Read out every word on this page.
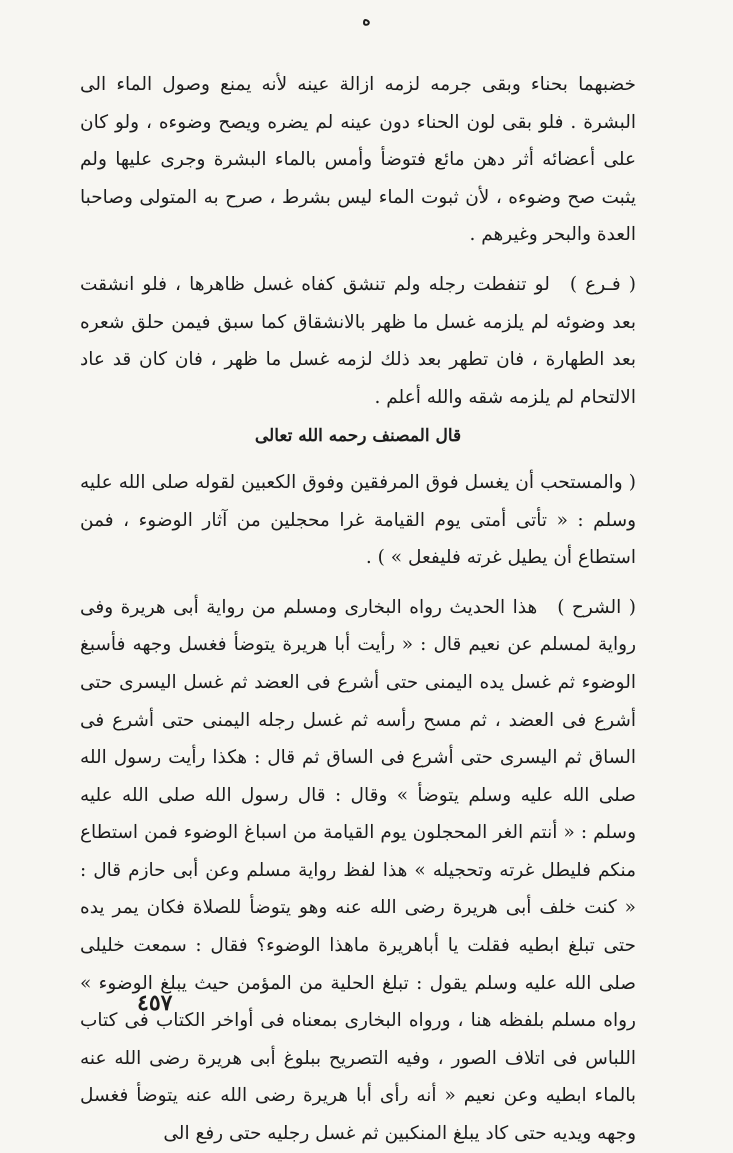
ه

خضبهما بحناء وبقى جرمه لزمه ازالة عينه لأنه يمنع وصول الماء الى البشرة . فلو بقى لون الحناء دون عينه لم يضره ويصح وضوءه ، ولو كان على أعضائه أثر دهن مائع فتوضأ وأمس بالماء البشرة وجرى عليها ولم يثبت صح وضوءه ، لأن ثبوت الماء ليس بشرط ، صرح به المتولى وصاحبا العدة والبحر وغيرهم .

( فـرع )لو تنفطت رجله ولم تنشق كفاه غسل ظاهرها ، فلو انشقت بعد وضوئه لم يلزمه غسل ما ظهر بالانشقاق كما سبق فيمن حلق شعره بعد الطهارة ، فان تطهر بعد ذلك لزمه غسل ما ظهر ، فان كان قد عاد الالتحام لم يلزمه شقه والله أعلم .

قال المصنف رحمه الله تعالى

( والمستحب أن يغسل فوق المرفقين وفوق الكعبين لقوله صلى الله عليه وسلم : « تأتى أمتى يوم القيامة غرا محجلين من آثار الوضوء ، فمن استطاع أن يطيل غرته فليفعل » ) .

( الشرح )هذا الحديث رواه البخارى ومسلم من رواية أبى هريرة وفى رواية لمسلم عن نعيم قال : « رأيت أبا هريرة يتوضأ فغسل وجهه فأسبغ الوضوء ثم غسل يده اليمنى حتى أشرع فى العضد ثم غسل اليسرى حتى أشرع فى العضد ، ثم مسح رأسه ثم غسل رجله اليمنى حتى أشرع فى الساق ثم اليسرى حتى أشرع فى الساق ثم قال : هكذا رأيت رسول الله صلى الله عليه وسلم يتوضأ » وقال : قال رسول الله صلى الله عليه وسلم : « أنتم الغر المحجلون يوم القيامة من اسباغ الوضوء فمن استطاع منكم فليطل غرته وتحجيله » هذا لفظ رواية مسلم وعن أبى حازم قال : « كنت خلف أبى هريرة رضى الله عنه وهو يتوضأ للصلاة فكان يمر يده حتى تبلغ ابطيه فقلت يا أباهريرة ماهذا الوضوء؟ فقال : سمعت خليلى صلى الله عليه وسلم يقول : تبلغ الحلية من المؤمن حيث يبلغ الوضوء » رواه مسلم بلفظه هنا ، ورواه البخارى بمعناه فى أواخر الكتاب فى كتاب اللباس فى اتلاف الصور ، وفيه التصريح ببلوغ أبى هريرة رضى الله عنه بالماء ابطيه وعن نعيم « أنه رأى أبا هريرة رضى الله عنه يتوضأ فغسل وجهه ويديه حتى كاد يبلغ المنكبين ثم غسل رجليه حتى رفع الى

٤٥٧
